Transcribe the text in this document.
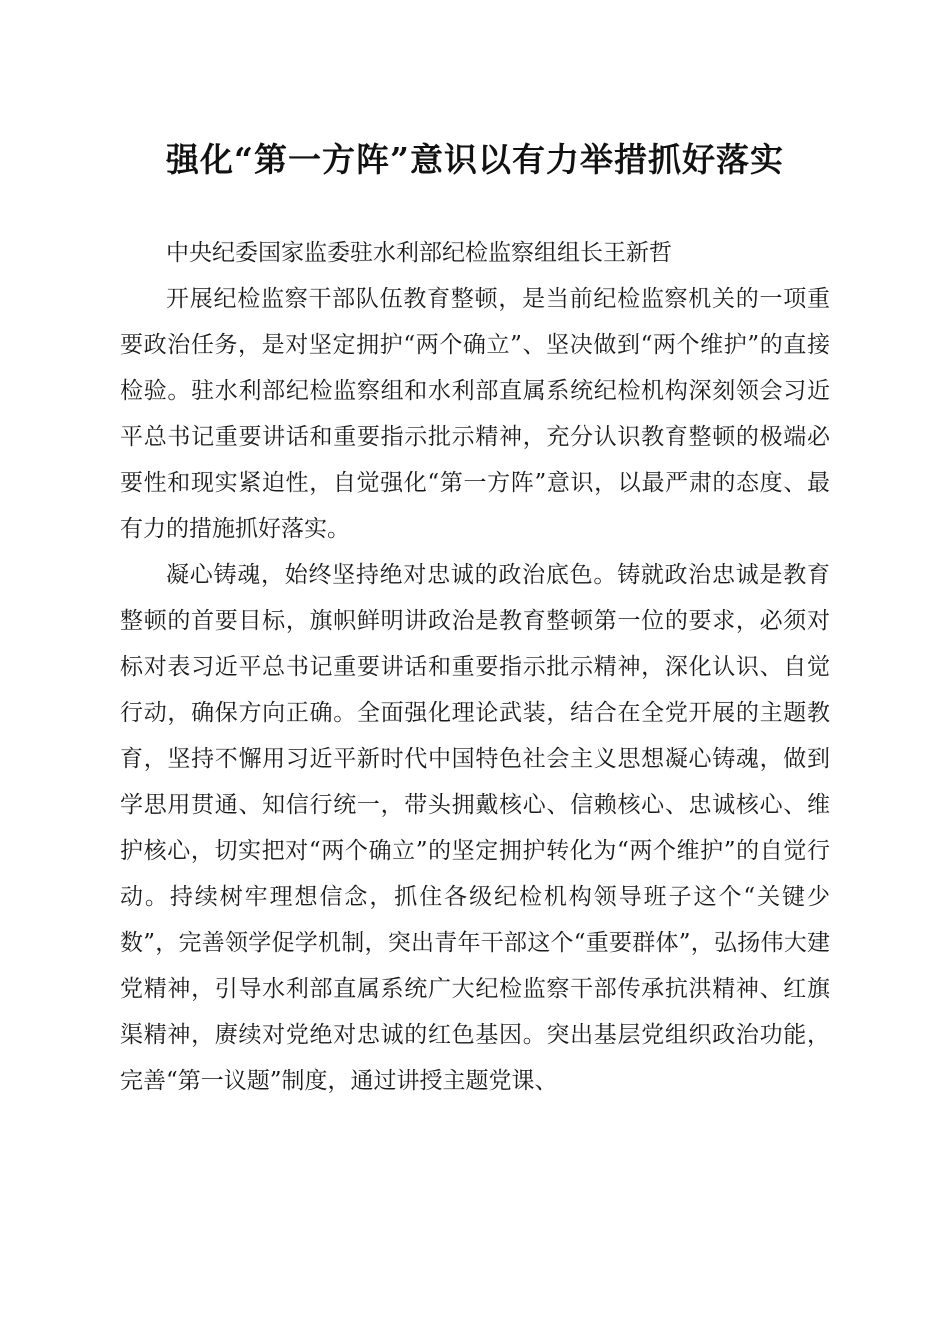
强化“第一方阵”意识以有力举措抓好落实

中央纪委国家监委驻水利部纪检监察组组长王新哲

开展纪检监察干部队伍教育整顿，是当前纪检监察机关的一项重要政治任务，是对坚定拥护“两个确立”、坚决做到“两个维护”的直接检验。驻水利部纪检监察组和水利部直属系统纪检机构深刻领会习近平总书记重要讲话和重要指示批示精神，充分认识教育整顿的极端必要性和现实紧迫性，自觉强化“第一方阵”意识，以最严肃的态度、最有力的措施抓好落实。

凝心铸魂，始终坚持绝对忠诚的政治底色。铸就政治忠诚是教育整顿的首要目标，旗帜鲜明讲政治是教育整顿第一位的要求，必须对标对表习近平总书记重要讲话和重要指示批示精神，深化认识、自觉行动，确保方向正确。全面强化理论武装，结合在全党开展的主题教育，坚持不懈用习近平新时代中国特色社会主义思想凝心铸魂，做到学思用贯通、知信行统一，带头拥戴核心、信赖核心、忠诚核心、维护核心，切实把对“两个确立”的坚定拥护转化为“两个维护”的自觉行动。持续树牢理想信念，抓住各级纪检机构领导班子这个“关键少数”，完善领学促学机制，突出青年干部这个“重要群体”，弘扬伟大建党精神，引导水利部直属系统广大纪检监察干部传承抗洪精神、红旗渠精神，赓续对党绝对忠诚的红色基因。突出基层党组织政治功能，完善“第一议题”制度，通过讲授主题党课、
